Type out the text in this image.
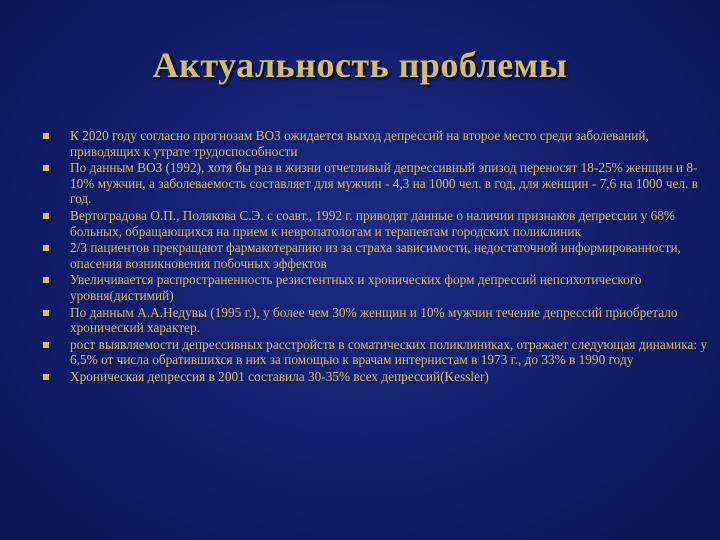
Актуальность проблемы
К 2020 году согласно прогнозам ВОЗ ожидается выход депрессий на второе место среди заболеваний, приводящих к утрате трудоспособности
По данным ВОЗ (1992), хотя бы раз в жизни отчетливый депрессивный эпизод переносят 18-25% женщин и 8-10% мужчин, а заболеваемость составляет для мужчин - 4,3 на 1000 чел. в год, для женщин - 7,6 на 1000 чел. в год.
Вертоградова О.П., Полякова С.Э. с соавт., 1992 г. приводят данные о наличии признаков депрессии у 68% больных, обращающихся на прием к невропатологам и терапевтам городских поликлиник
2/3 пациентов прекращают фармакотерапию из за страха зависимости, недостаточной информированности, опасения возникновения побочных эффектов
Увеличивается распространенность резистентных и хронических форм депрессий непсихотического уровня(дистимий)
По данным А.А.Недувы (1995 г.), у более чем 30% женщин и 10% мужчин течение депрессий приобретало хронический характер.
рост выявляемости депрессивных расстройств в соматических поликлиниках, отражает следующая динамика: у 6,5% от числа обратившихся в них за помощью к врачам интернистам в 1973 г., до 33% в 1990 году
Хроническая депрессия в 2001 составила 30-35% всех депрессий(Kessler)
